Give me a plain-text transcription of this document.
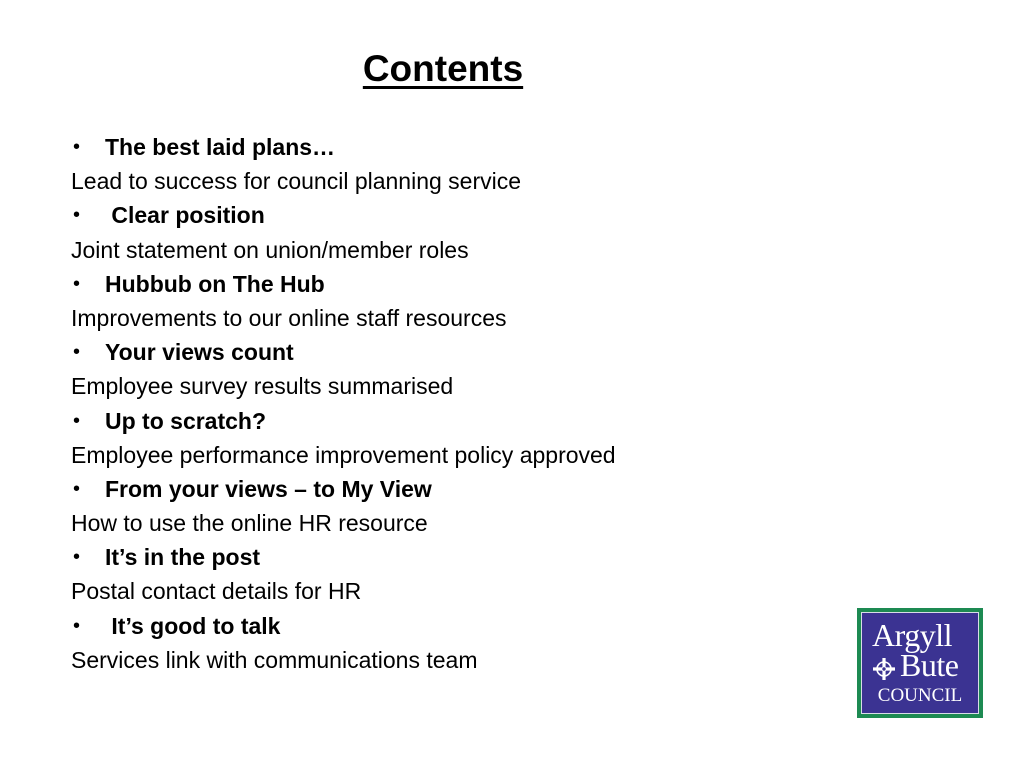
Contents
•	The best laid plans…
Lead to success for council planning service
•	Clear position
Joint statement on union/member roles
•	Hubbub on The Hub
Improvements to our online staff resources
•	Your views count
Employee survey results summarised
•	Up to scratch?
Employee performance improvement policy approved
•	From your views – to My View
How to use the online HR resource
•	It’s in the post
Postal contact details for HR
•	It’s good to talk
Services link with communications team
Argyll
Bute
COUNCIL
